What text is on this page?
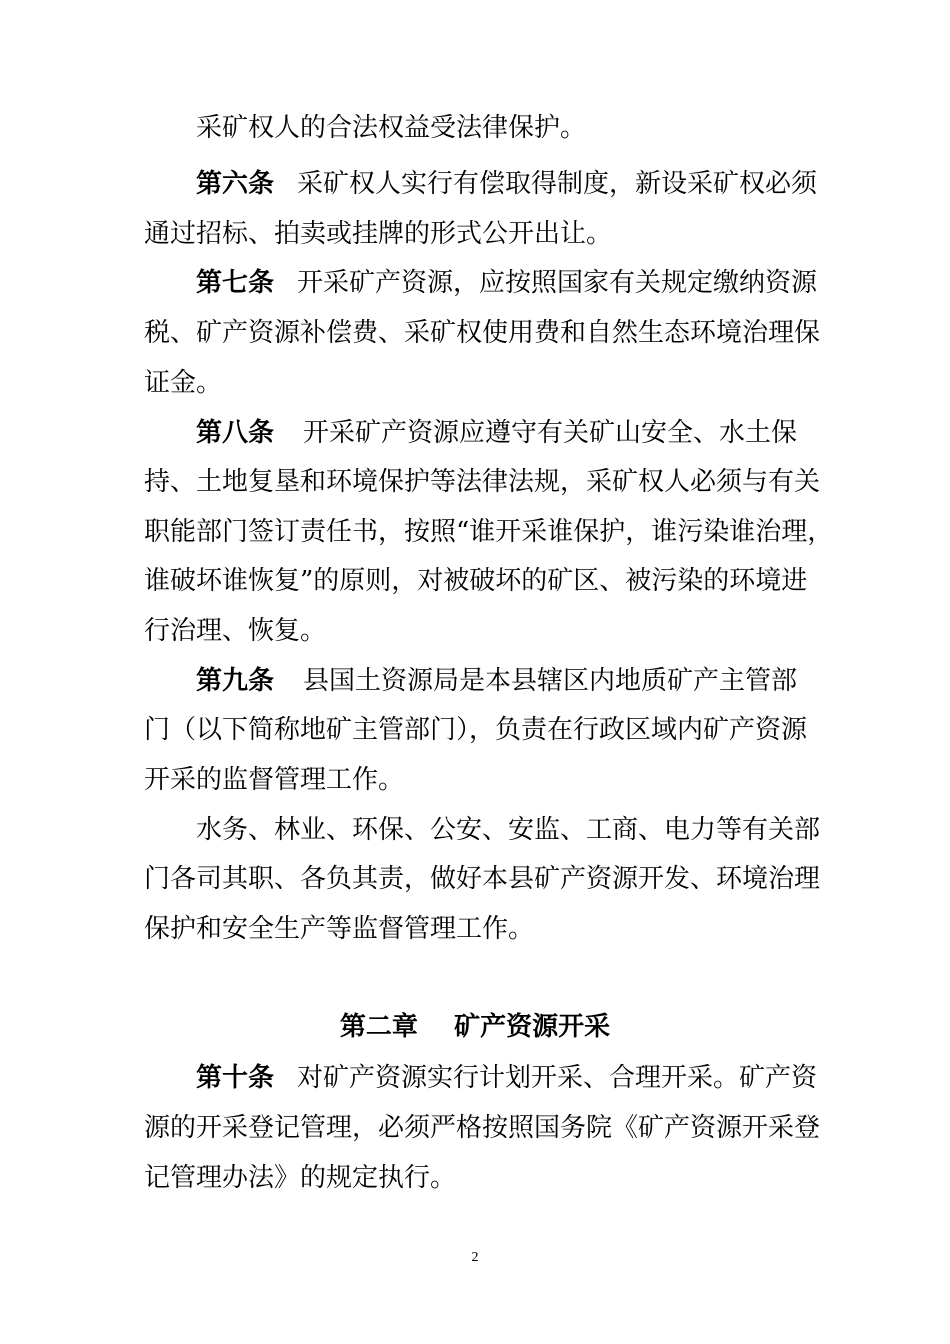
采矿权人的合法权益受法律保护。
第六条 采矿权人实行有偿取得制度，新设采矿权必须
通过招标、拍卖或挂牌的形式公开出让。
第七条 开采矿产资源，应按照国家有关规定缴纳资源
税、矿产资源补偿费、采矿权使用费和自然生态环境治理保
证金。
第八条 开采矿产资源应遵守有关矿山安全、水土保
持、土地复垦和环境保护等法律法规，采矿权人必须与有关
职能部门签订责任书，按照“谁开采谁保护，谁污染谁治理，
谁破坏谁恢复”的原则，对被破坏的矿区、被污染的环境进
行治理、恢复。
第九条 县国土资源局是本县辖区内地质矿产主管部
门（以下简称地矿主管部门），负责在行政区域内矿产资源
开采的监督管理工作。
水务、林业、环保、公安、安监、工商、电力等有关部
门各司其职、各负其责，做好本县矿产资源开发、环境治理
保护和安全生产等监督管理工作。
第二章    矿产资源开采
第十条 对矿产资源实行计划开采、合理开采。矿产资
源的开采登记管理，必须严格按照国务院《矿产资源开采登
记管理办法》的规定执行。
2
